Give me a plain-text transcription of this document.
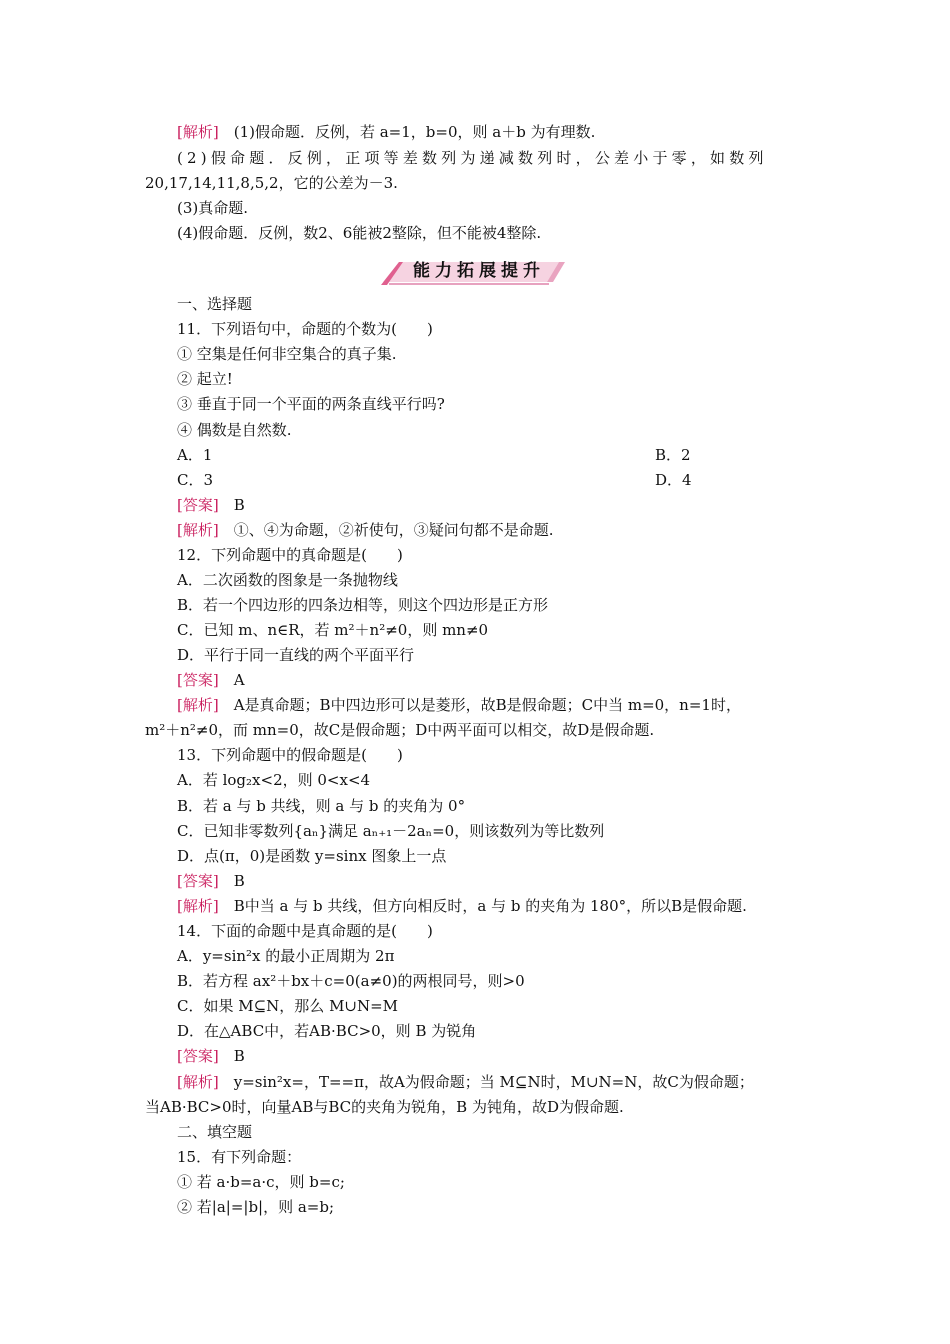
[解析]　(1)假命题．反例，若 a=1，b=0，则 a＋b 为有理数.
(2)假命题．反例，正项等差数列为递减数列时，公差小于零，如数列
20,17,14,11,8,5,2，它的公差为－3.
(3)真命题.
(4)假命题．反例，数2、6能被2整除，但不能被4整除.
能力拓展提升
一、选择题
11．下列语句中，命题的个数为(　　)
① 空集是任何非空集合的真子集.
② 起立!
③ 垂直于同一个平面的两条直线平行吗?
④ 偶数是自然数.
A．1	B．2
C．3	D．4
[答案]　B
[解析]　①、④为命题，②祈使句，③疑问句都不是命题.
12．下列命题中的真命题是(　　)
A．二次函数的图象是一条抛物线
B．若一个四边形的四条边相等，则这个四边形是正方形
C．已知 m、n∈R，若 m²＋n²≠0，则 mn≠0
D．平行于同一直线的两个平面平行
[答案]　A
[解析]　A是真命题；B中四边形可以是菱形，故B是假命题；C中当 m=0，n=1时，
m²＋n²≠0，而 mn=0，故C是假命题；D中两平面可以相交，故D是假命题.
13．下列命题中的假命题是(　　)
A．若 log₂x<2，则 0<x<4
B．若 a 与 b 共线，则 a 与 b 的夹角为 0°
C．已知非零数列{aₙ}满足 aₙ₊₁－2aₙ=0，则该数列为等比数列
D．点(π，0)是函数 y=sinx 图象上一点
[答案]　B
[解析]　B中当 a 与 b 共线，但方向相反时，a 与 b 的夹角为 180°，所以B是假命题.
14．下面的命题中是真命题的是(　　)
A．y=sin²x 的最小正周期为 2π
B．若方程 ax²＋bx＋c=0(a≠0)的两根同号，则>0
C．如果 M⊆N，那么 M∪N=M
D．在△ABC中，若AB·BC>0，则 B 为锐角
[答案]　B
[解析]　y=sin²x=，T==π，故A为假命题；当 M⊆N时，M∪N=N，故C为假命题；
当AB·BC>0时，向量AB与BC的夹角为锐角，B 为钝角，故D为假命题.
二、填空题
15．有下列命题：
① 若 a·b=a·c，则 b=c;
② 若|a|=|b|，则 a=b;
